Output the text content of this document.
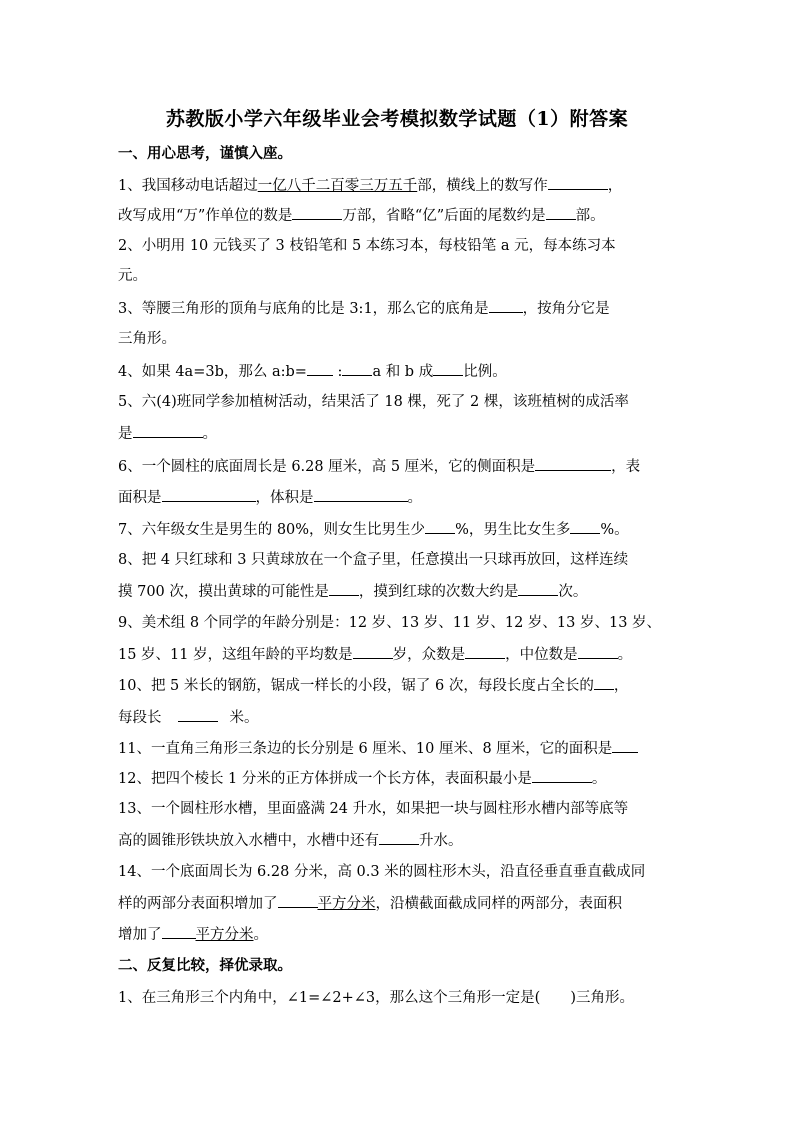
苏教版小学六年级毕业会考模拟数学试题（1）附答案
一、用心思考，谨慎入座。
1、我国移动电话超过一亿八千二百零三万五千部，横线上的数写作	，
改写成用“万”作单位的数是	万部，省略“亿”后面的尾数约是 部。
2、小明用 10 元钱买了 3 枝铅笔和 5 本练习本，每枝铅笔 a 元，每本练习本
元。
3、等腰三角形的顶角与底角的比是 3:1，那么它的底角是 ，按角分它是
三角形。
4、如果 4a=3b，那么 a:b= : a 和 b 成 比例。
5、六(4)班同学参加植树活动，结果活了 18 棵，死了 2 棵，该班植树的成活率
是	。
6、一个圆柱的底面周长是 6.28 厘米，高 5 厘米，它的侧面积是	，表
面积是	，体积是	。
7、六年级女生是男生的 80%，则女生比男生少 %，男生比女生多 %。
8、把 4 只红球和 3 只黄球放在一个盒子里，任意摸出一只球再放回，这样连续
摸 700 次，摸出黄球的可能性是 ，摸到红球的次数大约是	次。
9、美术组 8 个同学的年龄分别是：12 岁、13 岁、11 岁、12 岁、13 岁、13 岁、
15 岁、11 岁，这组年龄的平均数是	岁，众数是	，中位数是	。
10、把 5 米长的钢筋，锯成一样长的小段，锯了 6 次，每段长度占全长的 ，
每段长	米。
11、一直角三角形三条边的长分别是 6 厘米、10 厘米、8 厘米，它的面积是
12、把四个棱长 1 分米的正方体拼成一个长方体，表面积最小是	。
13、一个圆柱形水槽，里面盛满 24 升水，如果把一块与圆柱形水槽内部等底等
高的圆锥形铁块放入水槽中，水槽中还有	升水。
14、一个底面周长为 6.28 分米，高 0.3 米的圆柱形木头，沿直径垂直垂直截成同
样的两部分表面积增加了	平方分米，沿横截面截成同样的两部分，表面积
增加了 平方分米。
二、反复比较，择优录取。
1、在三角形三个内角中，∠1=∠2+∠3，那么这个三角形一定是( )三角形。
